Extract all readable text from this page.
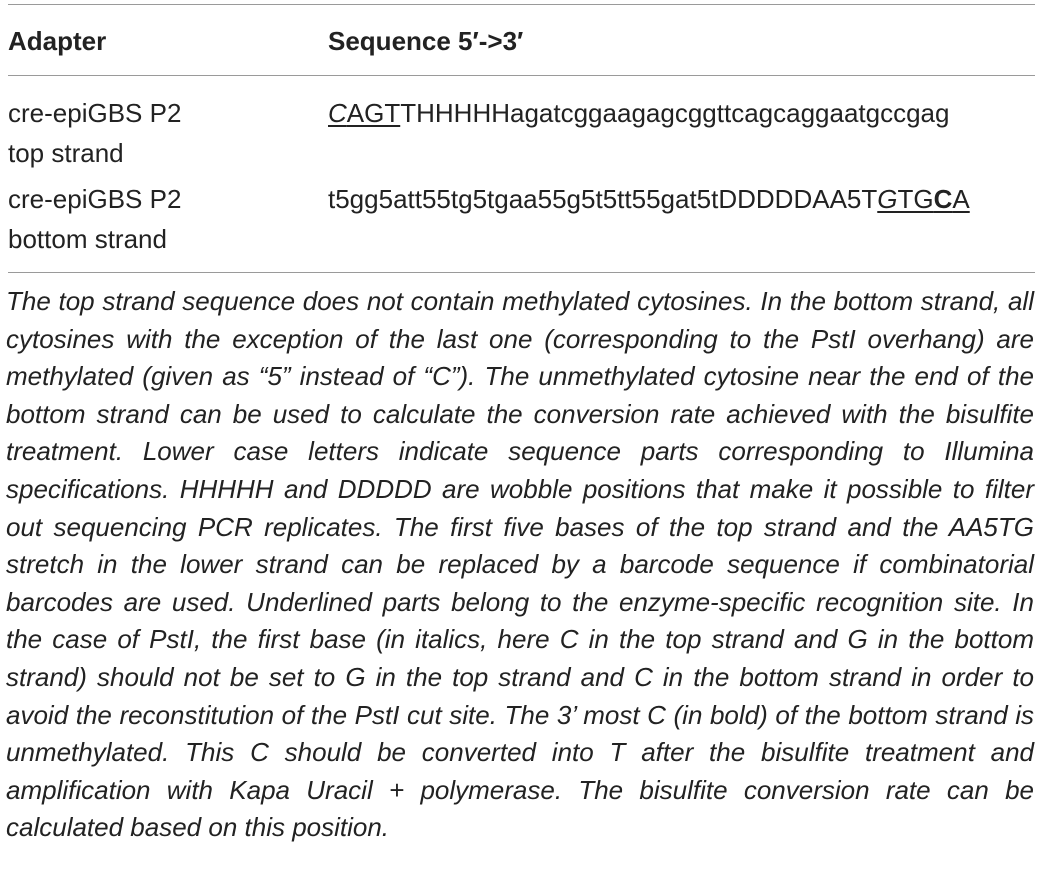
Adapter	Sequence 5′->3′
cre-epiGBS P2
top strand
CAGTTHHHHHagatcggaagagcggttcagcaggaatgccgag
cre-epiGBS P2
bottom strand
t5gg5att55tg5tgaa55g5t5tt55gat5tDDDDDAA5TGTGCA

The top strand sequence does not contain methylated cytosines. In the bottom strand, all cytosines with the exception of the last one (corresponding to the PstI overhang) are methylated (given as “5” instead of “C”). The unmethylated cytosine near the end of the bottom strand can be used to calculate the conversion rate achieved with the bisulfite treatment. Lower case letters indicate sequence parts corresponding to Illumina specifications. HHHHH and DDDDD are wobble positions that make it possible to filter out sequencing PCR replicates. The first five bases of the top strand and the AA5TG stretch in the lower strand can be replaced by a barcode sequence if combinatorial barcodes are used. Underlined parts belong to the enzyme-specific recognition site. In the case of PstI, the first base (in italics, here C in the top strand and G in the bottom strand) should not be set to G in the top strand and C in the bottom strand in order to avoid the reconstitution of the PstI cut site. The 3’ most C (in bold) of the bottom strand is unmethylated. This C should be converted into T after the bisulfite treatment and amplification with Kapa Uracil + polymerase. The bisulfite conversion rate can be calculated based on this position.
